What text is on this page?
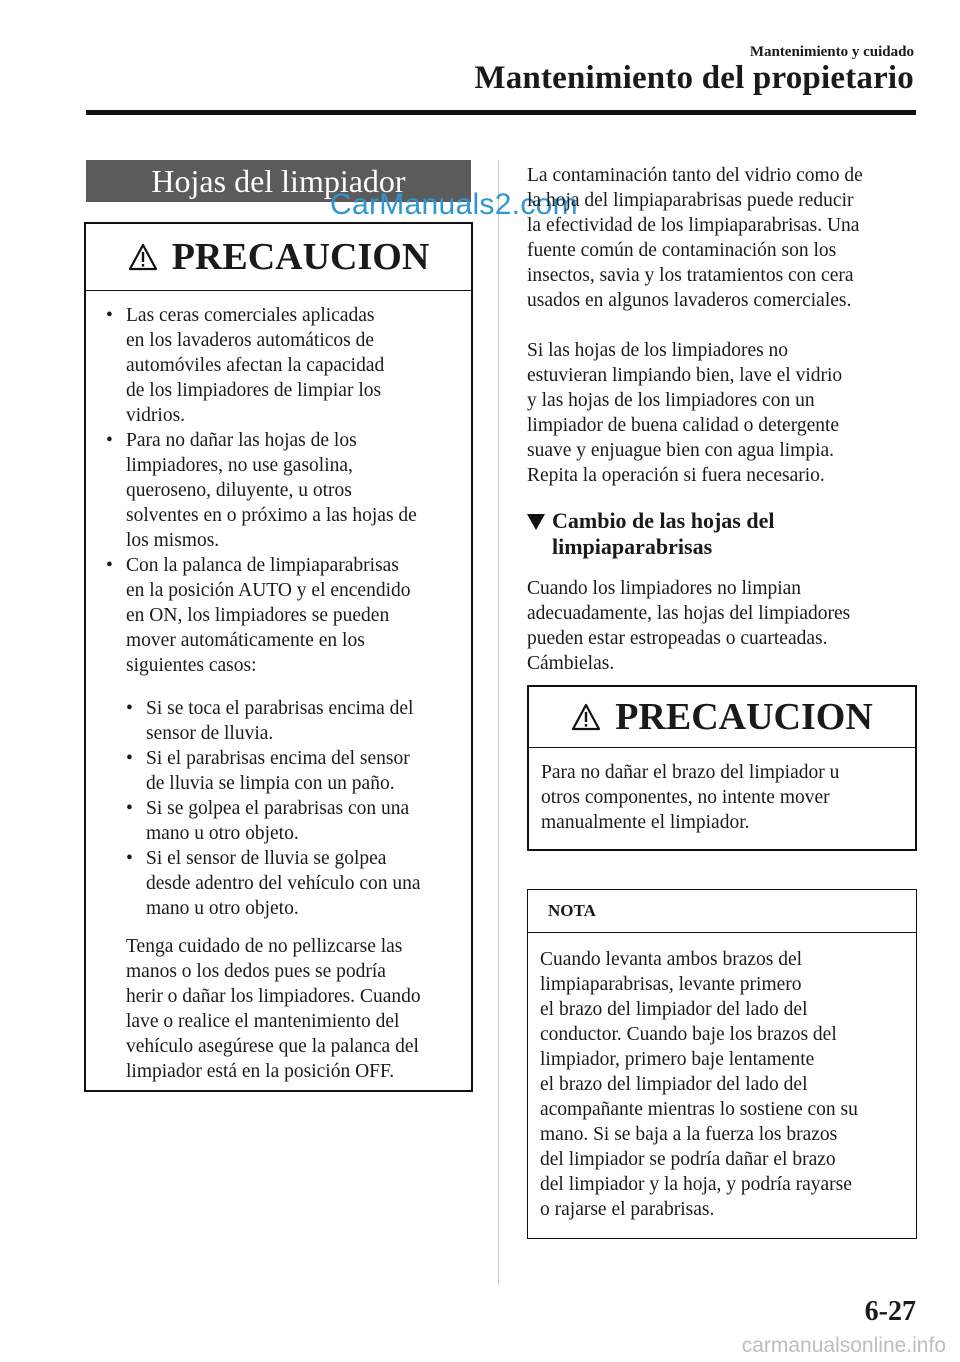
Mantenimiento y cuidado
Mantenimiento del propietario
Hojas del limpiador
CarManuals2.com
PRECAUCION
• Las ceras comerciales aplicadas
en los lavaderos automáticos de
automóviles afectan la capacidad
de los limpiadores de limpiar los
vidrios.
• Para no dañar las hojas de los
limpiadores, no use gasolina,
queroseno, diluyente, u otros
solventes en o próximo a las hojas de
los mismos.
• Con la palanca de limpiaparabrisas
en la posición AUTO y el encendido
en ON, los limpiadores se pueden
mover automáticamente en los
siguientes casos:
• Si se toca el parabrisas encima del
sensor de lluvia.
• Si el parabrisas encima del sensor
de lluvia se limpia con un paño.
• Si se golpea el parabrisas con una
mano u otro objeto.
• Si el sensor de lluvia se golpea
desde adentro del vehículo con una
mano u otro objeto.
Tenga cuidado de no pellizcarse las
manos o los dedos pues se podría
herir o dañar los limpiadores. Cuando
lave o realice el mantenimiento del
vehículo asegúrese que la palanca del
limpiador está en la posición OFF.

La contaminación tanto del vidrio como de
la hoja del limpiaparabrisas puede reducir
la efectividad de los limpiaparabrisas. Una
fuente común de contaminación son los
insectos, savia y los tratamientos con cera
usados en algunos lavaderos comerciales.

Si las hojas de los limpiadores no
estuvieran limpiando bien, lave el vidrio
y las hojas de los limpiadores con un
limpiador de buena calidad o detergente
suave y enjuague bien con agua limpia.
Repita la operación si fuera necesario.

Cambio de las hojas del
limpiaparabrisas

Cuando los limpiadores no limpian
adecuadamente, las hojas del limpiadores
pueden estar estropeadas o cuarteadas.
Cámbielas.

PRECAUCION
Para no dañar el brazo del limpiador u
otros componentes, no intente mover
manualmente el limpiador.
NOTA
Cuando levanta ambos brazos del
limpiaparabrisas, levante primero
el brazo del limpiador del lado del
conductor. Cuando baje los brazos del
limpiador, primero baje lentamente
el brazo del limpiador del lado del
acompañante mientras lo sostiene con su
mano. Si se baja a la fuerza los brazos
del limpiador se podría dañar el brazo
del limpiador y la hoja, y podría rayarse
o rajarse el parabrisas.
6-27
carmanualsonline.info
